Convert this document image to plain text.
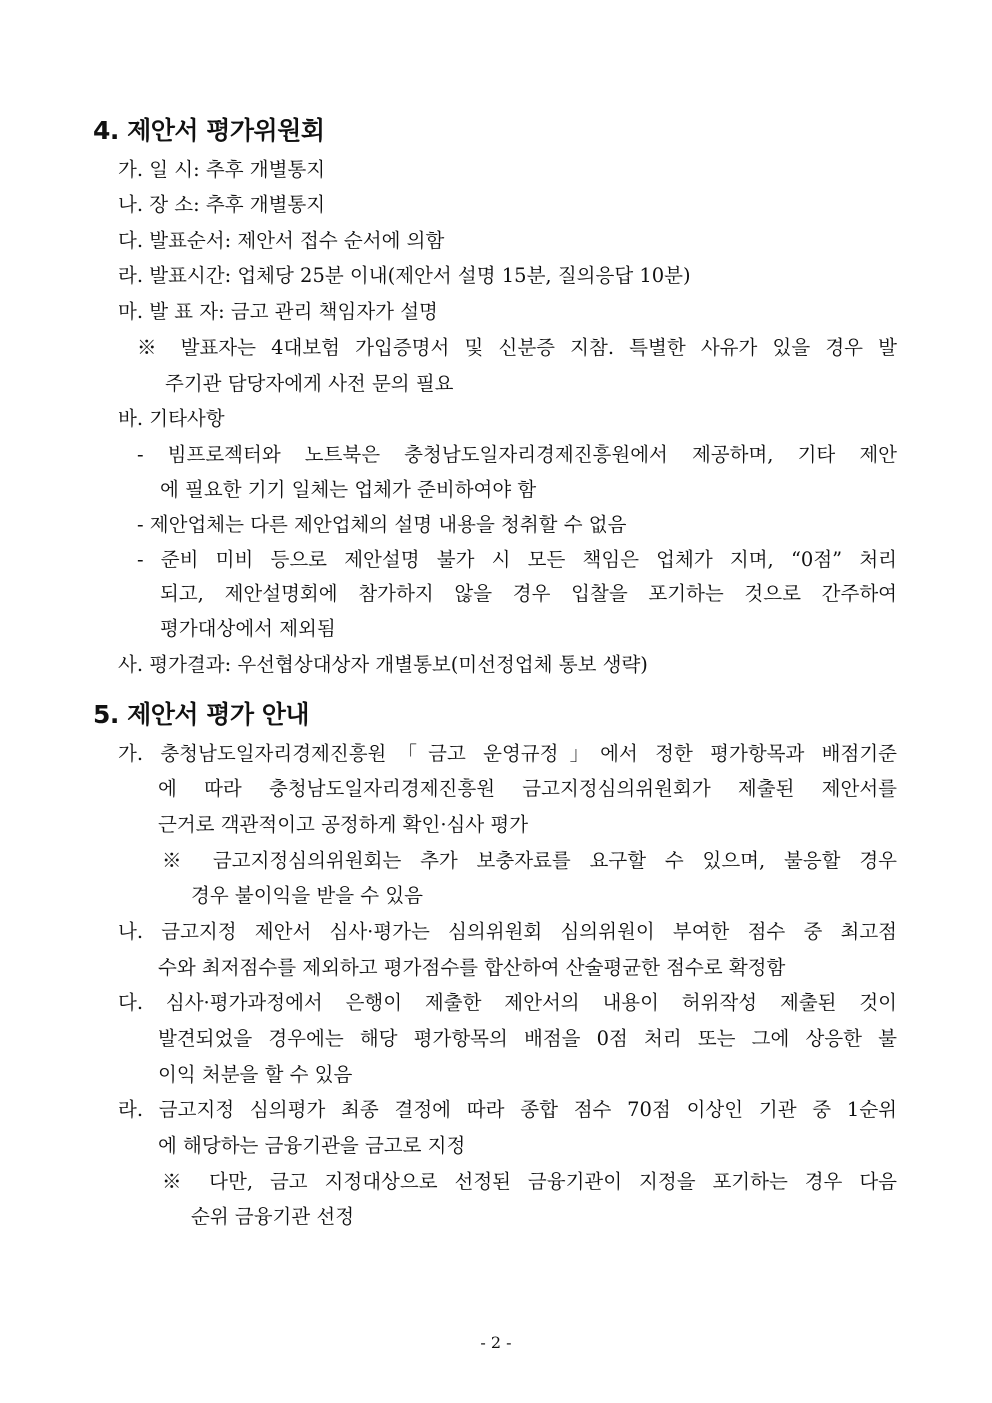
4. 제안서 평가위원회
가. 일 시: 추후 개별통지
나. 장 소: 추후 개별통지
다. 발표순서: 제안서 접수 순서에 의함
라. 발표시간: 업체당 25분 이내(제안서 설명 15분, 질의응답 10분)
마. 발 표 자: 금고 관리 책임자가 설명
※ 발표자는 4대보험 가입증명서 및 신분증 지참. 특별한 사유가 있을 경우 발
주기관 담당자에게 사전 문의 필요
바. 기타사항
- 빔프로젝터와 노트북은 충청남도일자리경제진흥원에서 제공하며, 기타 제안
에 필요한 기기 일체는 업체가 준비하여야 함
- 제안업체는 다른 제안업체의 설명 내용을 청취할 수 없음
- 준비 미비 등으로 제안설명 불가 시 모든 책임은 업체가 지며, “0점” 처리
되고, 제안설명회에 참가하지 않을 경우 입찰을 포기하는 것으로 간주하여
평가대상에서 제외됨
사. 평가결과: 우선협상대상자 개별통보(미선정업체 통보 생략)
5. 제안서 평가 안내
가. 충청남도일자리경제진흥원「금고 운영규정」에서 정한 평가항목과 배점기준
에 따라 충청남도일자리경제진흥원 금고지정심의위원회가 제출된 제안서를
근거로 객관적이고 공정하게 확인·심사 평가
※ 금고지정심의위원회는 추가 보충자료를 요구할 수 있으며, 불응할 경우
경우 불이익을 받을 수 있음
나. 금고지정 제안서 심사·평가는 심의위원회 심의위원이 부여한 점수 중 최고점
수와 최저점수를 제외하고 평가점수를 합산하여 산술평균한 점수로 확정함
다. 심사·평가과정에서 은행이 제출한 제안서의 내용이 허위작성 제출된 것이
발견되었을 경우에는 해당 평가항목의 배점을 0점 처리 또는 그에 상응한 불
이익 처분을 할 수 있음
라. 금고지정 심의평가 최종 결정에 따라 종합 점수 70점 이상인 기관 중 1순위
에 해당하는 금융기관을 금고로 지정
※ 다만, 금고 지정대상으로 선정된 금융기관이 지정을 포기하는 경우 다음
순위 금융기관 선정
- 2 -
